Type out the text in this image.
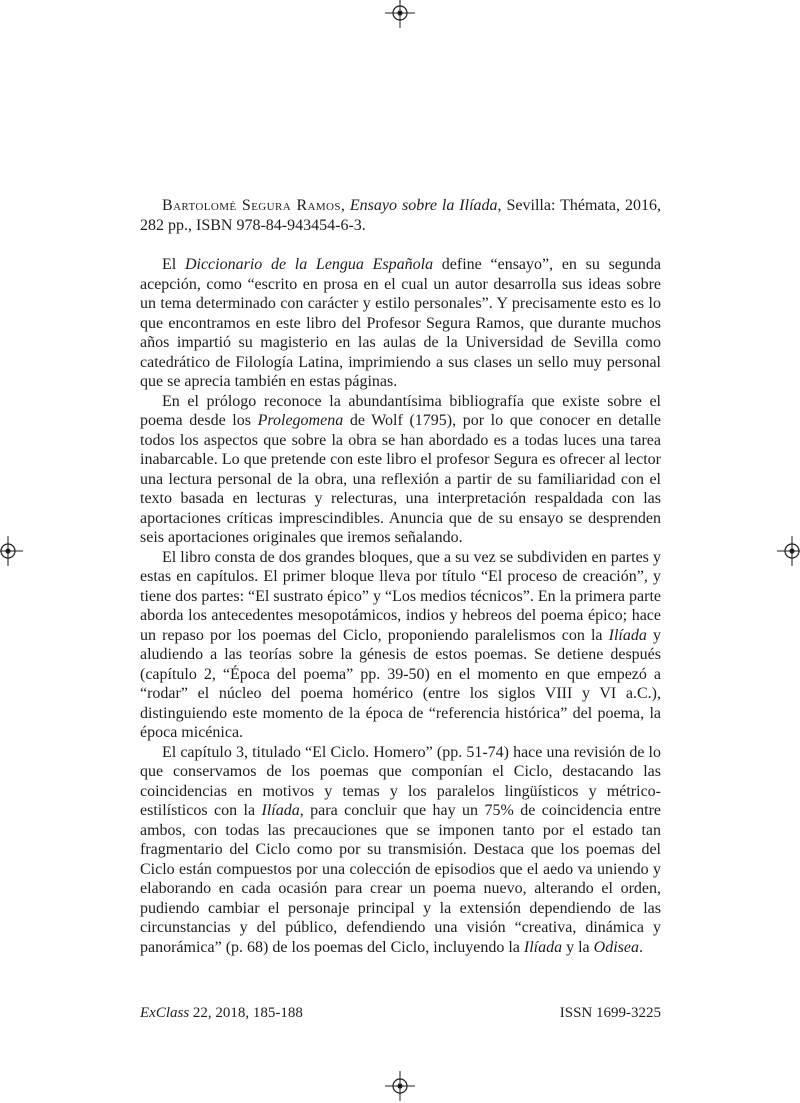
Bartolomé Segura Ramos, Ensayo sobre la Ilíada, Sevilla: Thémata, 2016, 282 pp., ISBN 978-84-943454-6-3.

El Diccionario de la Lengua Española define “ensayo”, en su segunda acepción, como “escrito en prosa en el cual un autor desarrolla sus ideas sobre un tema determinado con carácter y estilo personales”. Y precisamente esto es lo que encontramos en este libro del Profesor Segura Ramos, que durante muchos años impartió su magisterio en las aulas de la Universidad de Sevilla como catedrático de Filología Latina, imprimiendo a sus clases un sello muy personal que se aprecia también en estas páginas.

En el prólogo reconoce la abundantísima bibliografía que existe sobre el poema desde los Prolegomena de Wolf (1795), por lo que conocer en detalle todos los aspectos que sobre la obra se han abordado es a todas luces una tarea inabarcable. Lo que pretende con este libro el profesor Segura es ofrecer al lector una lectura personal de la obra, una reflexión a partir de su familiaridad con el texto basada en lecturas y relecturas, una interpretación respaldada con las aportaciones críticas imprescindibles. Anuncia que de su ensayo se desprenden seis aportaciones originales que iremos señalando.

El libro consta de dos grandes bloques, que a su vez se subdividen en partes y estas en capítulos. El primer bloque lleva por título “El proceso de creación”, y tiene dos partes: “El sustrato épico” y “Los medios técnicos”. En la primera parte aborda los antecedentes mesopotámicos, indios y hebreos del poema épico; hace un repaso por los poemas del Ciclo, proponiendo paralelismos con la Ilíada y aludiendo a las teorías sobre la génesis de estos poemas. Se detiene después (capítulo 2, “Época del poema” pp. 39-50) en el momento en que empezó a “rodar” el núcleo del poema homérico (entre los siglos VIII y VI a.C.), distinguiendo este momento de la época de “referencia histórica” del poema, la época micénica.

El capítulo 3, titulado “El Ciclo. Homero” (pp. 51-74) hace una revisión de lo que conservamos de los poemas que componían el Ciclo, destacando las coincidencias en motivos y temas y los paralelos lingüísticos y métrico-estilísticos con la Ilíada, para concluir que hay un 75% de coincidencia entre ambos, con todas las precauciones que se imponen tanto por el estado tan fragmentario del Ciclo como por su transmisión. Destaca que los poemas del Ciclo están compuestos por una colección de episodios que el aedo va uniendo y elaborando en cada ocasión para crear un poema nuevo, alterando el orden, pudiendo cambiar el personaje principal y la extensión dependiendo de las circunstancias y del público, defendiendo una visión “creativa, dinámica y panorámica” (p. 68) de los poemas del Ciclo, incluyendo la Ilíada y la Odisea.

ExClass 22, 2018, 185-188	ISSN 1699-3225
